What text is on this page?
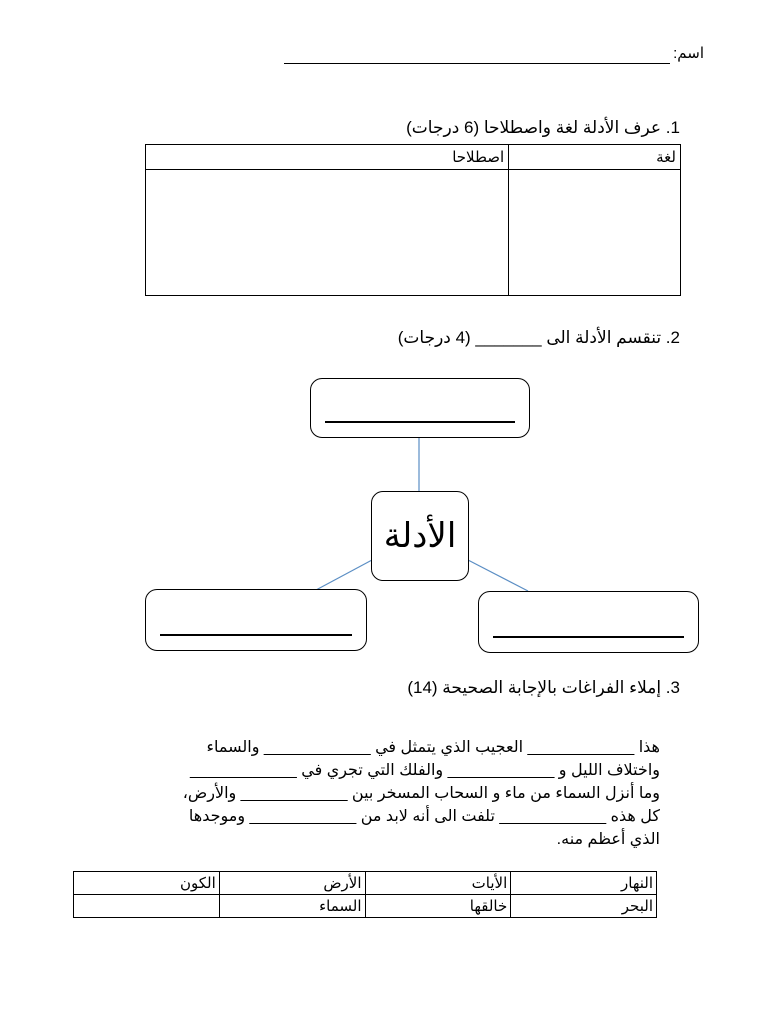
اسم:
1. عرف الأدلة لغة واصطلاحا (6 درجات)
لغة	اصطلاحا

2. تنقسم الأدلة الى _______ (4 درجات)
الأدلة
3. إملاء الفراغات بالإجابة الصحيحة (14)
هذا ____________ العجيب الذي يتمثل في ____________ والسماء
واختلاف الليل و ____________ والفلك التي تجري في ____________
وما أنزل السماء من ماء و السحاب المسخر بين ____________ والأرض،
كل هذه ____________ تلفت الى أنه لابد من ____________ وموجدها
الذي أعظم منه.
النهار	الأيات	الأرض	الكون
البحر	خالقها	السماء	
